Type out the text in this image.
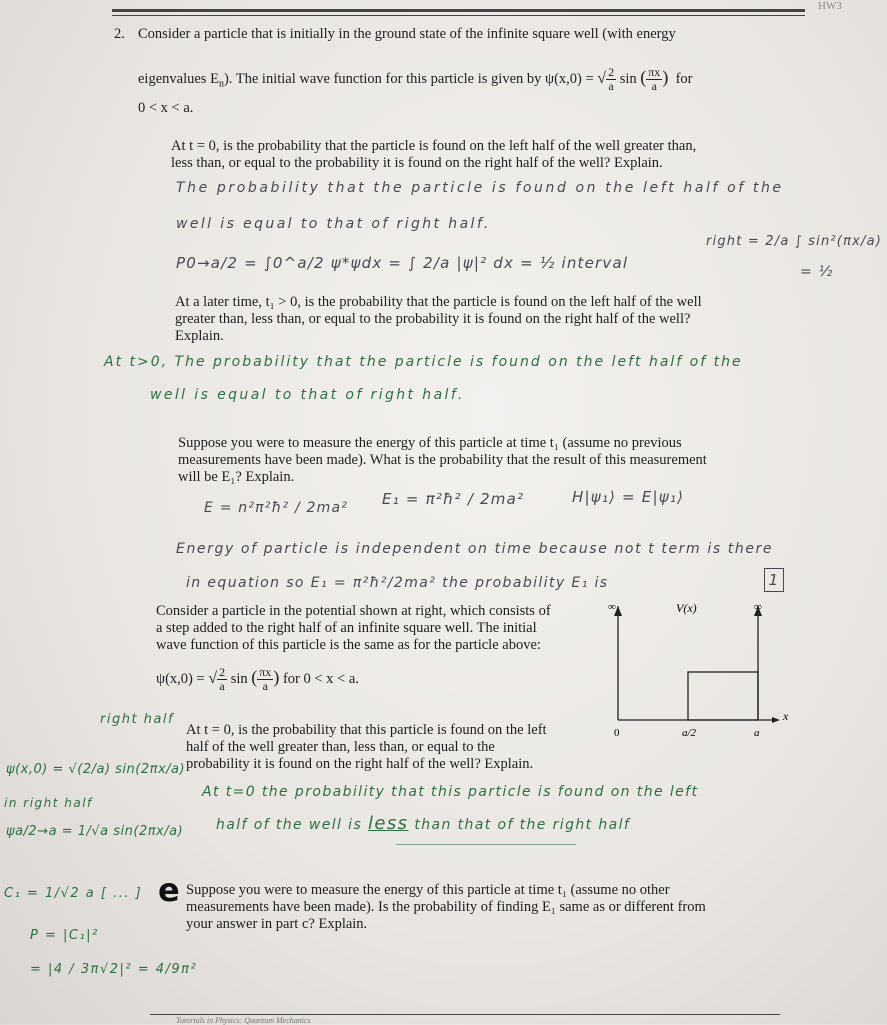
HW3
2. Consider a particle that is initially in the ground state of the infinite square well (with energy
eigenvalues $E_n$). The initial wave function for this particle is given by ψ(x,0) = √ $\frac{2}{a}$ sin ( $\frac{\pi x}{a}$ ) for
0 < x < a.
At t = 0, is the probability that the particle is found on the left half of the well greater than,
less than, or equal to the probability it is found on the right half of the well? Explain.
The probability that the particle is found on the left half of the
well is equal to that of right half.
P0→a/2 = ∫0^a/2 ψ*ψdx = ∫ 2/a |ψ|² dx = ½ interval
right = 2/a ∫ sin²(πx/a)
= ½
At a later time, t₁ > 0, is the probability that the particle is found on the left half of the well
greater than, less than, or equal to the probability it is found on the right half of the well?
Explain.
At t>0, The probability that the particle is found on the left half of the
well is equal to that of right half.
Suppose you were to measure the energy of this particle at time t₁ (assume no previous
measurements have been made). What is the probability that the result of this measurement
will be E₁? Explain.
E = n²π²ħ² / 2ma² E₁ = π²ħ² / 2ma²	H|ψ₁⟩ = E|ψ₁⟩
Energy of particle is independent on time because not t term is there
in equation so E₁ = π²ħ²/2ma² the probability E₁ is	1
Consider a particle in the potential shown at right, which consists of
a step added to the right half of an infinite square well. The initial
wave function of this particle is the same as for the particle above:
ψ(x,0) = √ $\frac{2}{a}$ sin ( $\frac{\pi x}{a}$ ) for 0 < x < a.
∞	∞
V(x)
x
0	a/2	a
At t = 0, is the probability that this particle is found on the left
half of the well greater than, less than, or equal to the
probability it is found on the right half of the well? Explain.
At t=0 the probability that this particle is found on the left
half of the well is less than that of the right half
right half
ψ(x,0) = √(2/a) sin(2πx/a)
in right half
ψa/2→a = 1/√a sin(2πx/a)
e Suppose you were to measure the energy of this particle at time t₁ (assume no other
measurements have been made). Is the probability of finding E₁ same as or different from
your answer in part c? Explain.
C₁ = 1/√2 a [ ... ]
P = |C₁|²
= |4 / 3π√2|² = 4/9π²
Tutorials in Physics: Quantum Mechanics
